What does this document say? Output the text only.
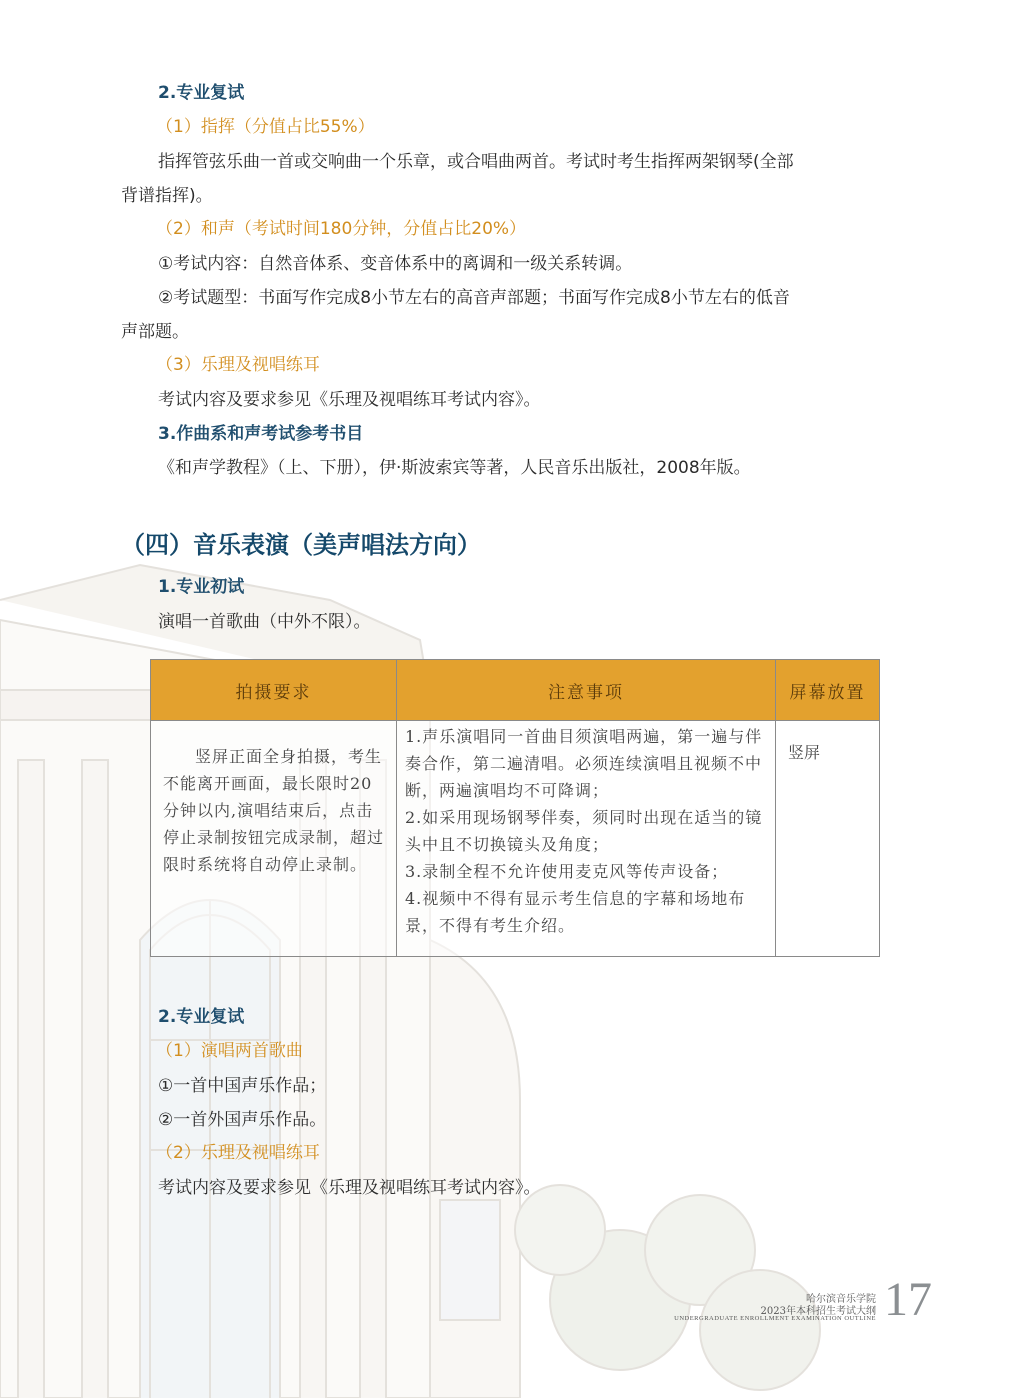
2.专业复试
（1）指挥（分值占比55%）
指挥管弦乐曲一首或交响曲一个乐章，或合唱曲两首。考试时考生指挥两架钢琴(全部
背谱指挥)。
（2）和声（考试时间180分钟，分值占比20%）
①考试内容：自然音体系、变音体系中的离调和一级关系转调。
②考试题型：书面写作完成8小节左右的高音声部题；书面写作完成8小节左右的低音
声部题。
（3）乐理及视唱练耳
考试内容及要求参见《乐理及视唱练耳考试内容》。
3.作曲系和声考试参考书目
《和声学教程》（上、下册），伊·斯波索宾等著，人民音乐出版社，2008年版。
（四）音乐表演（美声唱法方向）
1.专业初试
演唱一首歌曲（中外不限）。
拍摄要求	注意事项	屏幕放置
竖屏正面全身拍摄，考生不能离开画面，最长限时20分钟以内,演唱结束后，点击停止录制按钮完成录制，超过限时系统将自动停止录制。	1.声乐演唱同一首曲目须演唱两遍，第一遍与伴奏合作，第二遍清唱。必须连续演唱且视频不中断，两遍演唱均不可降调；
2.如采用现场钢琴伴奏，须同时出现在适当的镜头中且不切换镜头及角度；
3.录制全程不允许使用麦克风等传声设备；
4.视频中不得有显示考生信息的字幕和场地布景，不得有考生介绍。	竖屏
2.专业复试
（1）演唱两首歌曲
①一首中国声乐作品；
②一首外国声乐作品。
（2）乐理及视唱练耳
考试内容及要求参见《乐理及视唱练耳考试内容》。
哈尔滨音乐学院
2023年本科招生考试大纲
UNDERGRADUATE ENROLLMENT EXAMINATION OUTLINE 17
